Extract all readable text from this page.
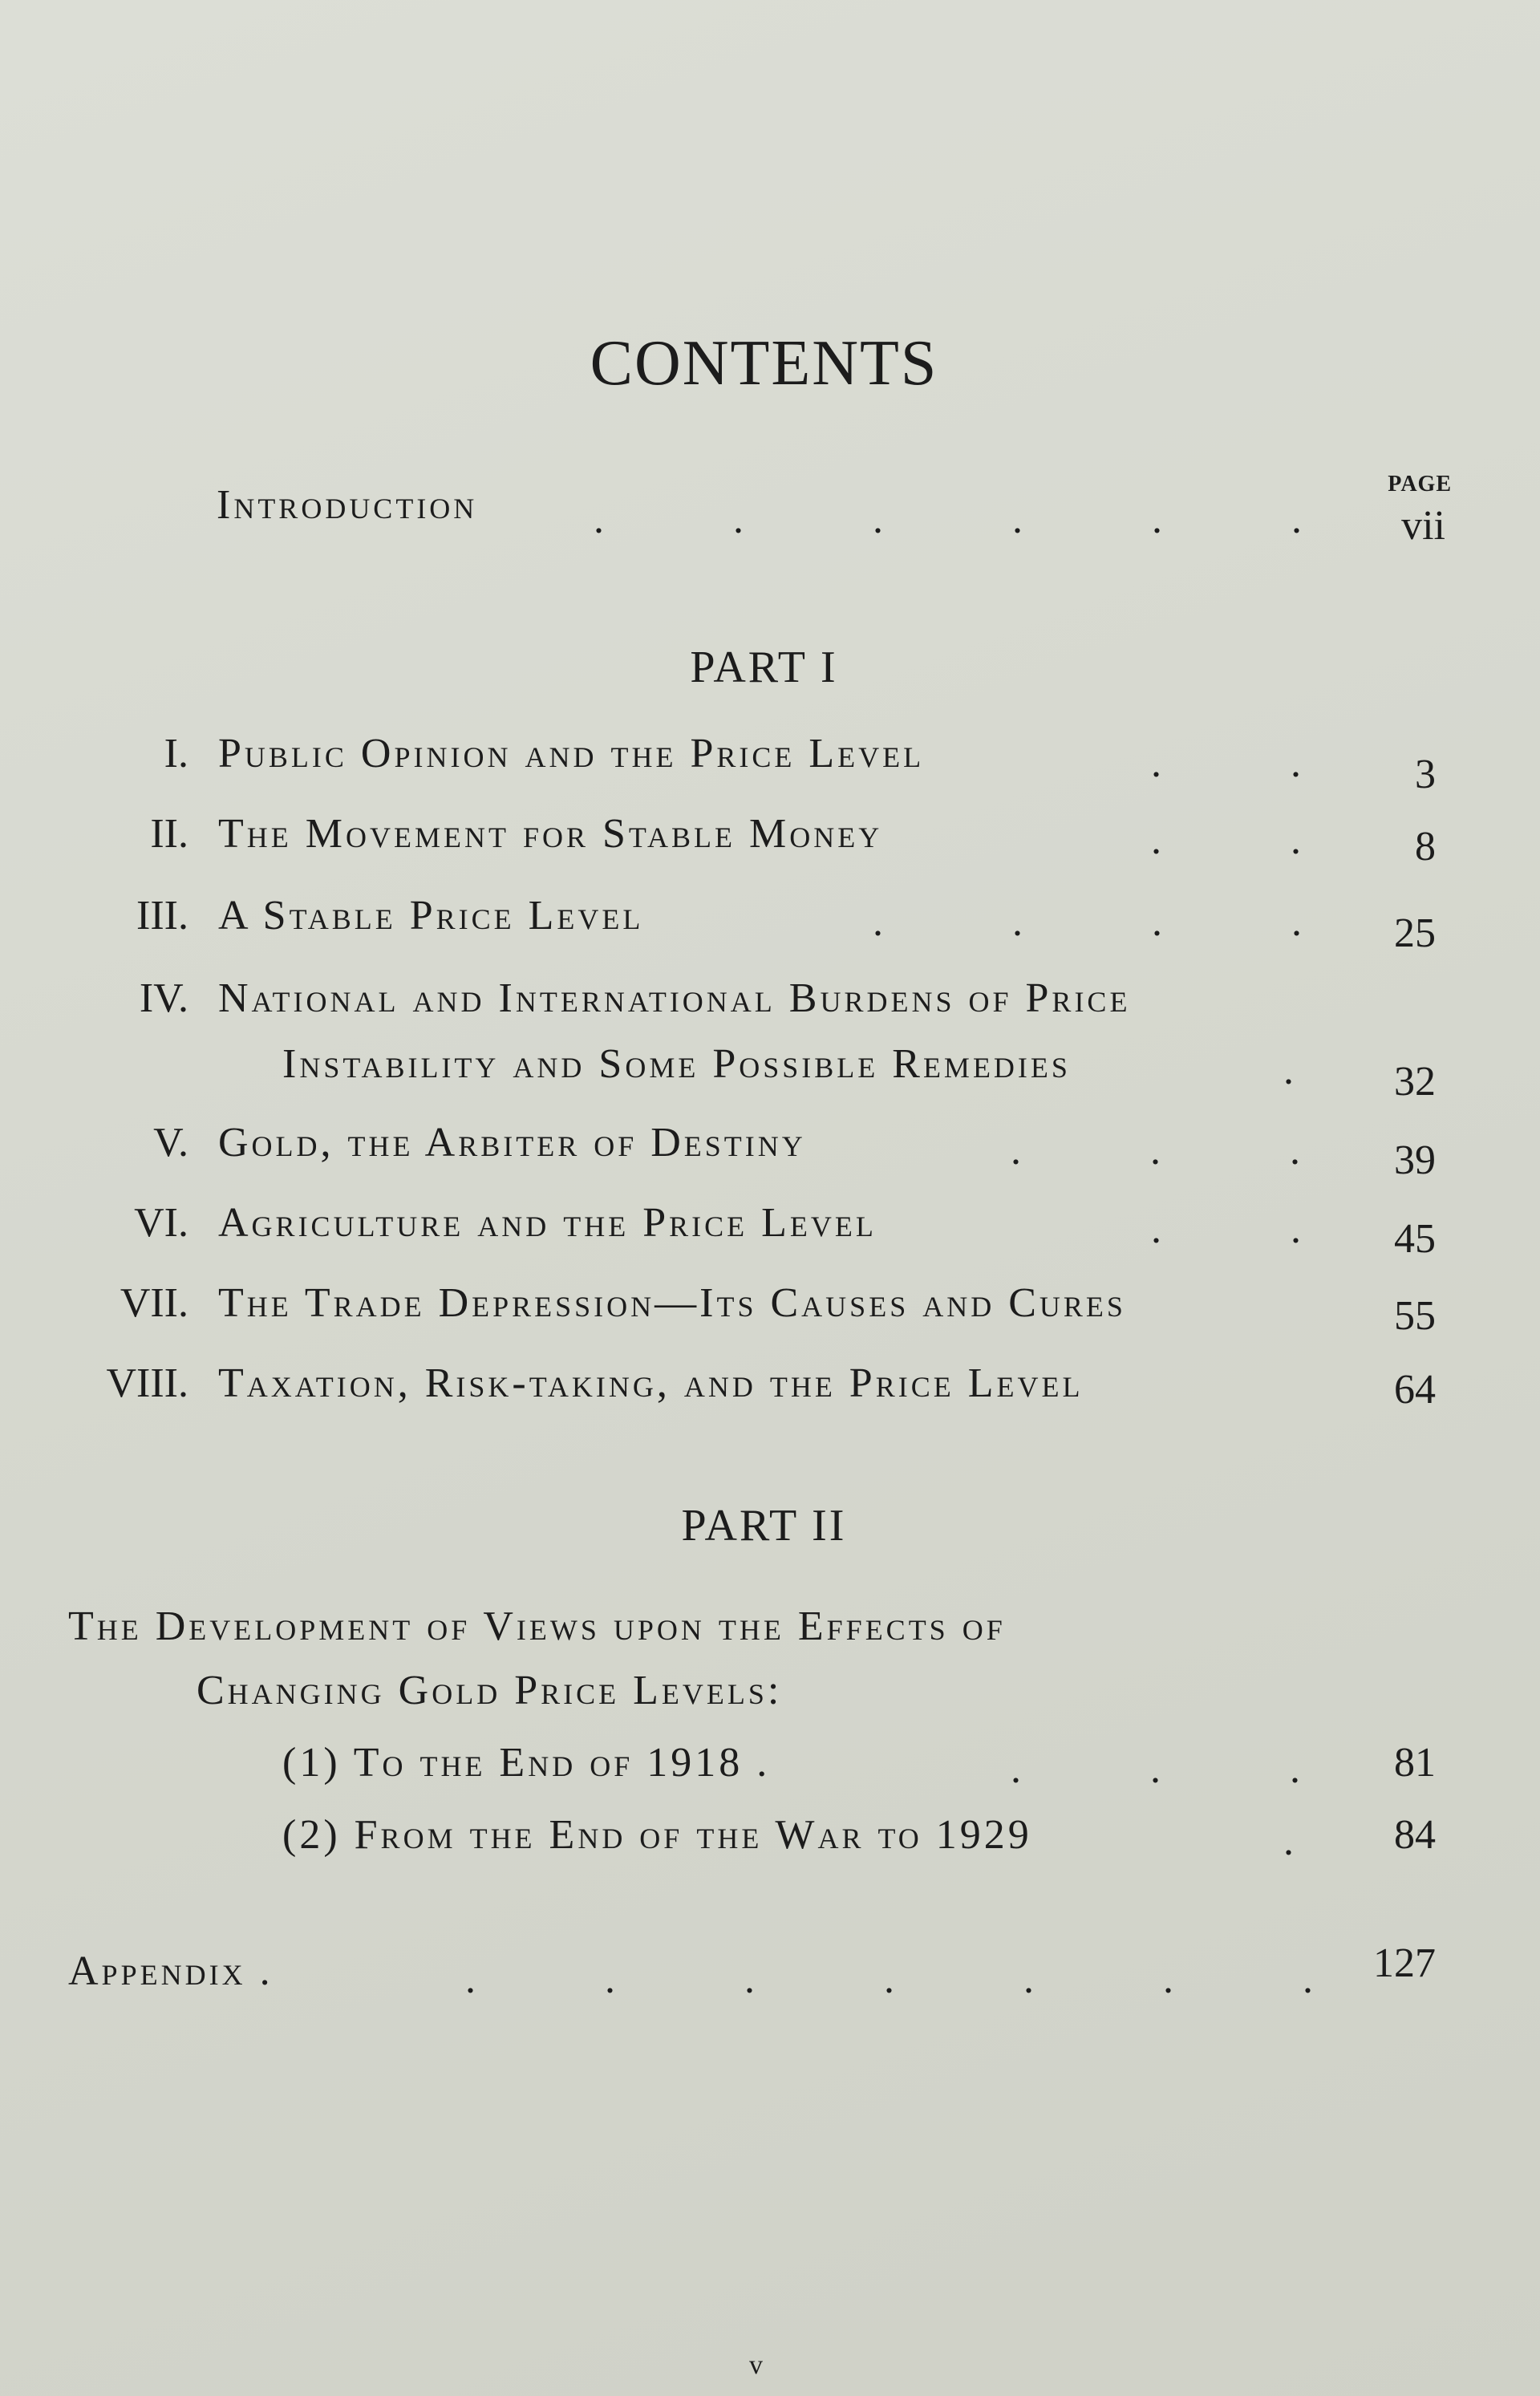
CONTENTS
PAGE
Introduction	. . . . . . vii
PART I
I. Public Opinion and the Price Level	. .	3
II. The Movement for Stable Money	. .	8
III. A Stable Price Level	. . . . 25
IV. National and International Burdens of Price
Instability and Some Possible Remedies	. 32
V. Gold, the Arbiter of Destiny	. . . 39
VI. Agriculture and the Price Level	. . 45
VII. The Trade Depression—Its Causes and Cures	55
VIII. Taxation, Risk-taking, and the Price Level	64
PART II
The Development of Views upon the Effects of
Changing Gold Price Levels:
(1) To the End of 1918 .	. . . 81
(2) From the End of the War to 1929	. 84
Appendix .	. . . . . . . 127
v
